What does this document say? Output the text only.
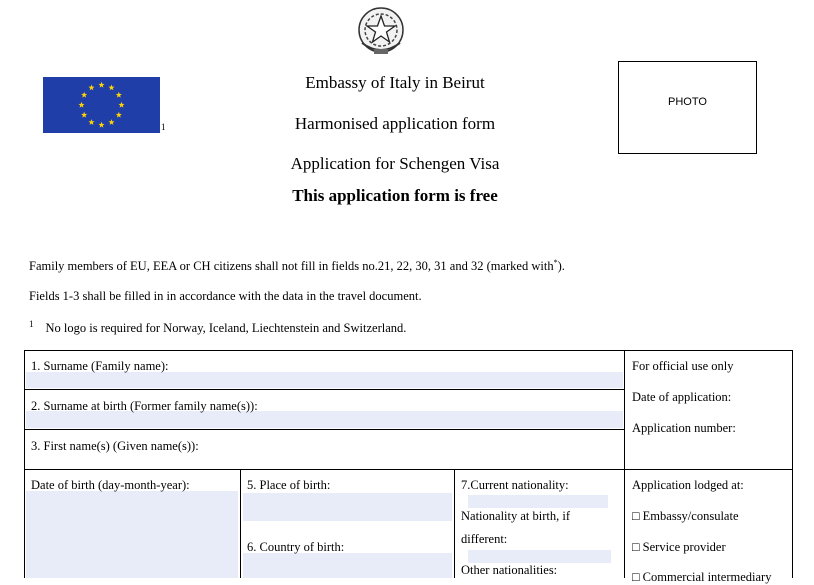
1
Embassy of Italy in Beirut
Harmonised application form
Application for Schengen Visa
This application form is free
PHOTO
Family members of EU, EEA or CH citizens shall not fill in fields no.21, 22, 30, 31 and 32 (marked with*).
Fields 1-3 shall be filled in in accordance with the data in the travel document.
$^1$ No logo is required for Norway, Iceland, Liechtenstein and Switzerland.
1. Surname (Family name):
2. Surname at birth (Former family name(s)):
3. First name(s) (Given name(s)):
Date of birth (day-month-year):	5. Place of birth:
6. Country of birth:
7.Current nationality:
Nationality at birth, if
different:
Other nationalities:
For official use only
Date of application:
Application number:
Application lodged at:
□ Embassy/consulate
□ Service provider
□ Commercial intermediary
